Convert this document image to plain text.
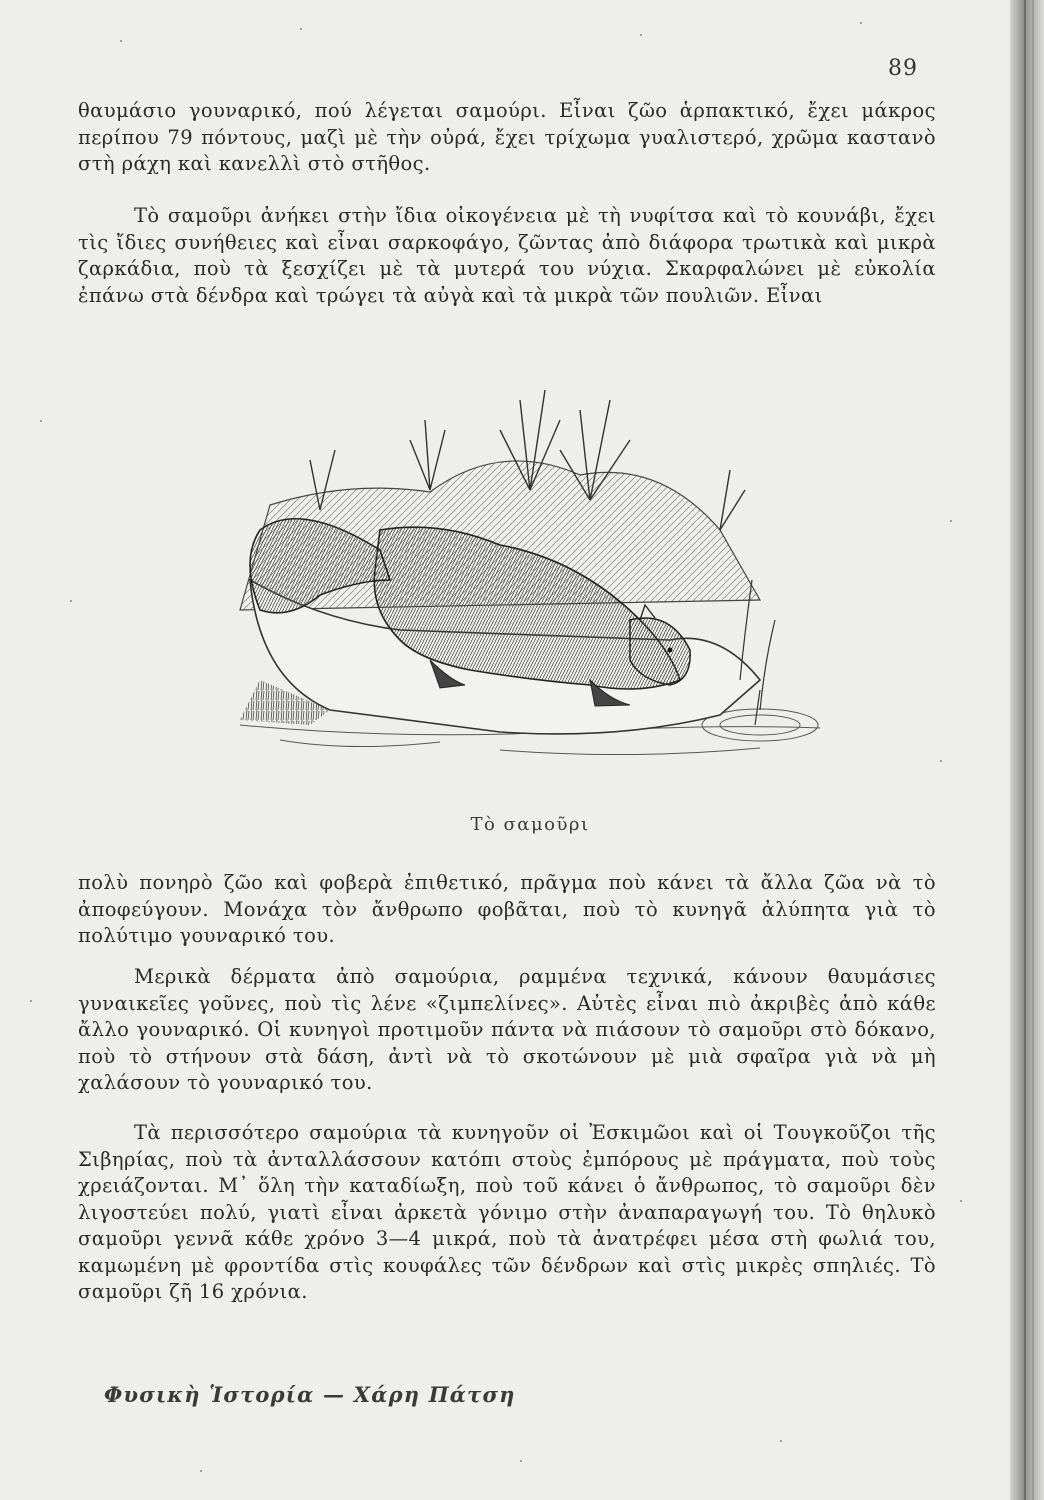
89

θαυμάσιο γουναρικό, πού λέγεται σαμούρι. Εἶναι ζῶο ἁρπακτικό, ἔχει μάκρος περίπου 79 πόντους, μαζὶ μὲ τὴν οὐρά, ἔχει τρίχωμα γυαλιστερό, χρῶμα καστανὸ στὴ ράχη καὶ κανελλὶ στὸ στῆθος.

Τὸ σαμοῦρι ἀνήκει στὴν ἴδια οἰκογένεια μὲ τὴ νυφίτσα καὶ τὸ κουνάβι, ἔχει τὶς ἴδιες συνήθειες καὶ εἶναι σαρκοφάγο, ζῶντας ἀπὸ διάφορα τρωτικὰ καὶ μικρὰ ζαρκάδια, ποὺ τὰ ξεσχίζει μὲ τὰ μυτερά του νύχια. Σκαρφαλώνει μὲ εὐκολία ἐπάνω στὰ δένδρα καὶ τρώγει τὰ αὐγὰ καὶ τὰ μικρὰ τῶν πουλιῶν. Εἶναι

Τὸ σαμοῦρι

πολὺ πονηρὸ ζῶο καὶ φοβερὰ ἐπιθετικό, πρᾶγμα ποὺ κάνει τὰ ἄλλα ζῶα νὰ τὸ ἀποφεύγουν. Μονάχα τὸν ἄνθρωπο φοβᾶται, ποὺ τὸ κυνηγᾶ ἀλύπητα γιὰ τὸ πολύτιμο γουναρικό του.

Μερικὰ δέρματα ἀπὸ σαμούρια, ραμμένα τεχνικά, κάνουν θαυμάσιες γυναικεῖες γοῦνες, ποὺ τὶς λένε «ζιμπελίνες». Αὐτὲς εἶναι πιὸ ἀκριβὲς ἀπὸ κάθε ἄλλο γουναρικό. Οἱ κυνηγοὶ προτιμοῦν πάντα νὰ πιάσουν τὸ σαμοῦρι στὸ δόκανο, ποὺ τὸ στήνουν στὰ δάση, ἀντὶ νὰ τὸ σκοτώνουν μὲ μιὰ σφαῖρα γιὰ νὰ μὴ χαλάσουν τὸ γουναρικό του.

Τὰ περισσότερο σαμούρια τὰ κυνηγοῦν οἱ Ἐσκιμῶοι καὶ οἱ Τουγκοῦζοι τῆς Σιβηρίας, ποὺ τὰ ἀνταλλάσσουν κατόπι στοὺς ἐμπόρους μὲ πράγματα, ποὺ τοὺς χρειάζονται. Μ᾽ ὅλη τὴν καταδίωξη, ποὺ τοῦ κάνει ὁ ἄνθρωπος, τὸ σαμοῦρι δὲν λιγοστεύει πολύ, γιατὶ εἶναι ἀρκετὰ γόνιμο στὴν ἀναπαραγωγή του. Τὸ θηλυκὸ σαμοῦρι γεννᾶ κάθε χρόνο 3—4 μικρά, ποὺ τὰ ἀνατρέφει μέσα στὴ φωλιά του, καμωμένη μὲ φροντίδα στὶς κουφάλες τῶν δένδρων καὶ στὶς μικρὲς σπηλιές. Τὸ σαμοῦρι ζῆ 16 χρόνια.

Φυσικὴ Ἱστορία — Χάρη Πάτση
